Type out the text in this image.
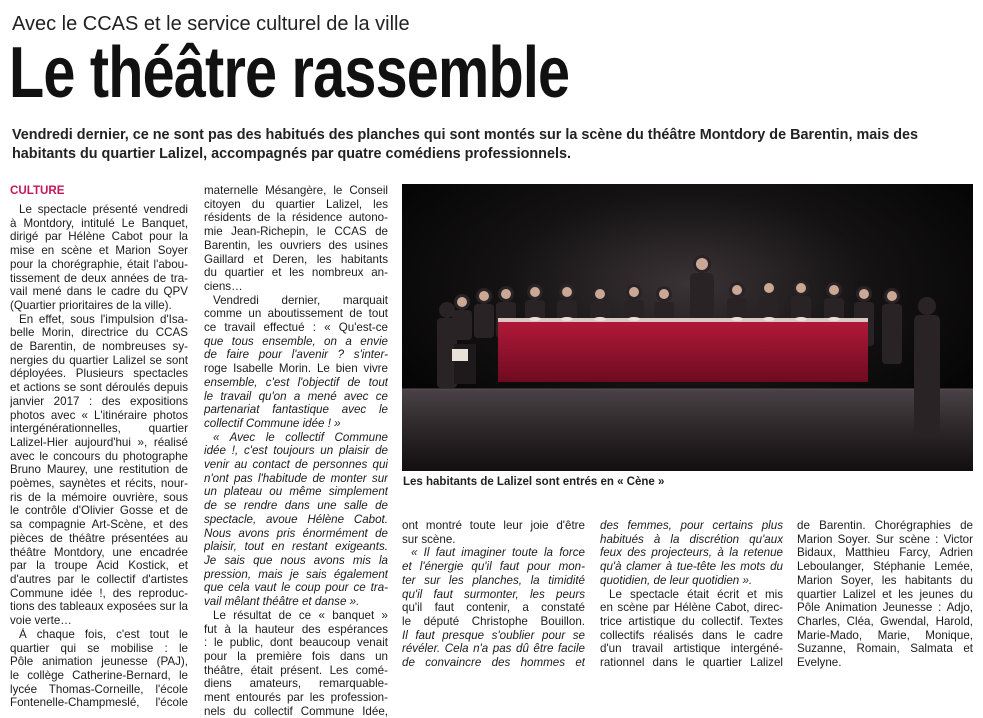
Avec le CCAS et le service culturel de la ville
Le théâtre rassemble
Vendredi dernier, ce ne sont pas des habitués des planches qui sont montés sur la scène du théâtre Montdory de Barentin, mais des
habitants du quartier Lalizel, accompagnés par quatre comédiens professionnels.
CULTURE
Le spectacle présenté vendredi
à Montdory, intitulé Le Banquet,
dirigé par Hélène Cabot pour la
mise en scène et Marion Soyer
pour la chorégraphie, était l'abou-
tissement de deux années de tra-
vail mené dans le cadre du QPV
(Quartier prioritaires de la ville).
En effet, sous l'impulsion d'Isa-
belle Morin, directrice du CCAS
de Barentin, de nombreuses sy-
nergies du quartier Lalizel se sont
déployées. Plusieurs spectacles
et actions se sont déroulés depuis
janvier 2017 : des expositions
photos avec « L'itinéraire photos
intergénérationnelles, quartier
Lalizel-Hier aujourd'hui », réalisé
avec le concours du photographe
Bruno Maurey, une restitution de
poèmes, saynètes et récits, nour-
ris de la mémoire ouvrière, sous
le contrôle d'Olivier Gosse et de
sa compagnie Art-Scène, et des
pièces de théâtre présentées au
théâtre Montdory, une encadrée
par la troupe Acid Kostick, et
d'autres par le collectif d'artistes
Commune idée !, des reproduc-
tions des tableaux exposées sur la
voie verte…
À chaque fois, c'est tout le
quartier qui se mobilise : le
Pôle animation jeunesse (PAJ),
le collège Catherine-Bernard, le
lycée Thomas-Corneille, l'école
Fontenelle-Champmeslé, l'école
maternelle Mésangère, le Conseil
citoyen du quartier Lalizel, les
résidents de la résidence autono-
mie Jean-Richepin, le CCAS de
Barentin, les ouvriers des usines
Gaillard et Deren, les habitants
du quartier et les nombreux an-
ciens…
Vendredi dernier, marquait
comme un aboutissement de tout
ce travail effectué : « Qu'est-ce
que tous ensemble, on a envie
de faire pour l'avenir ? s'inter-
roge Isabelle Morin. Le bien vivre
ensemble, c'est l'objectif de tout
le travail qu'on a mené avec ce
partenariat fantastique avec le
collectif Commune idée ! »
« Avec le collectif Commune
idée !, c'est toujours un plaisir de
venir au contact de personnes qui
n'ont pas l'habitude de monter sur
un plateau ou même simplement
de se rendre dans une salle de
spectacle, avoue Hélène Cabot.
Nous avons pris énormément de
plaisir, tout en restant exigeants.
Je sais que nous avons mis la
pression, mais je sais également
que cela vaut le coup pour ce tra-
vail mêlant théâtre et danse ».
Le résultat de ce « banquet »
fut à la hauteur des espérances
: le public, dont beaucoup venait
pour la première fois dans un
théâtre, était présent. Les comé-
diens amateurs, remarquable-
ment entourés par les profession-
nels du collectif Commune Idée,
Les habitants de Lalizel sont entrés en « Cène »
ont montré toute leur joie d'être
sur scène.
« Il faut imaginer toute la force
et l'énergie qu'il faut pour mon-
ter sur les planches, la timidité
qu'il faut surmonter, les peurs
qu'il faut contenir, a constaté
le député Christophe Bouillon.
Il faut presque s'oublier pour se
révéler. Cela n'a pas dû être facile
de convaincre des hommes et
des femmes, pour certains plus
habitués à la discrétion qu'aux
feux des projecteurs, à la retenue
qu'à clamer à tue-tête les mots du
quotidien, de leur quotidien ».
Le spectacle était écrit et mis
en scène par Hélène Cabot, direc-
trice artistique du collectif. Textes
collectifs réalisés dans le cadre
d'un travail artistique intergéné-
rationnel dans le quartier Lalizel
de Barentin. Chorégraphies de
Marion Soyer. Sur scène : Victor
Bidaux, Matthieu Farcy, Adrien
Leboulanger, Stéphanie Lemée,
Marion Soyer, les habitants du
quartier Lalizel et les jeunes du
Pôle Animation Jeunesse : Adjo,
Charles, Cléa, Gwendal, Harold,
Marie-Mado, Marie, Monique,
Suzanne, Romain, Salmata et
Evelyne.
